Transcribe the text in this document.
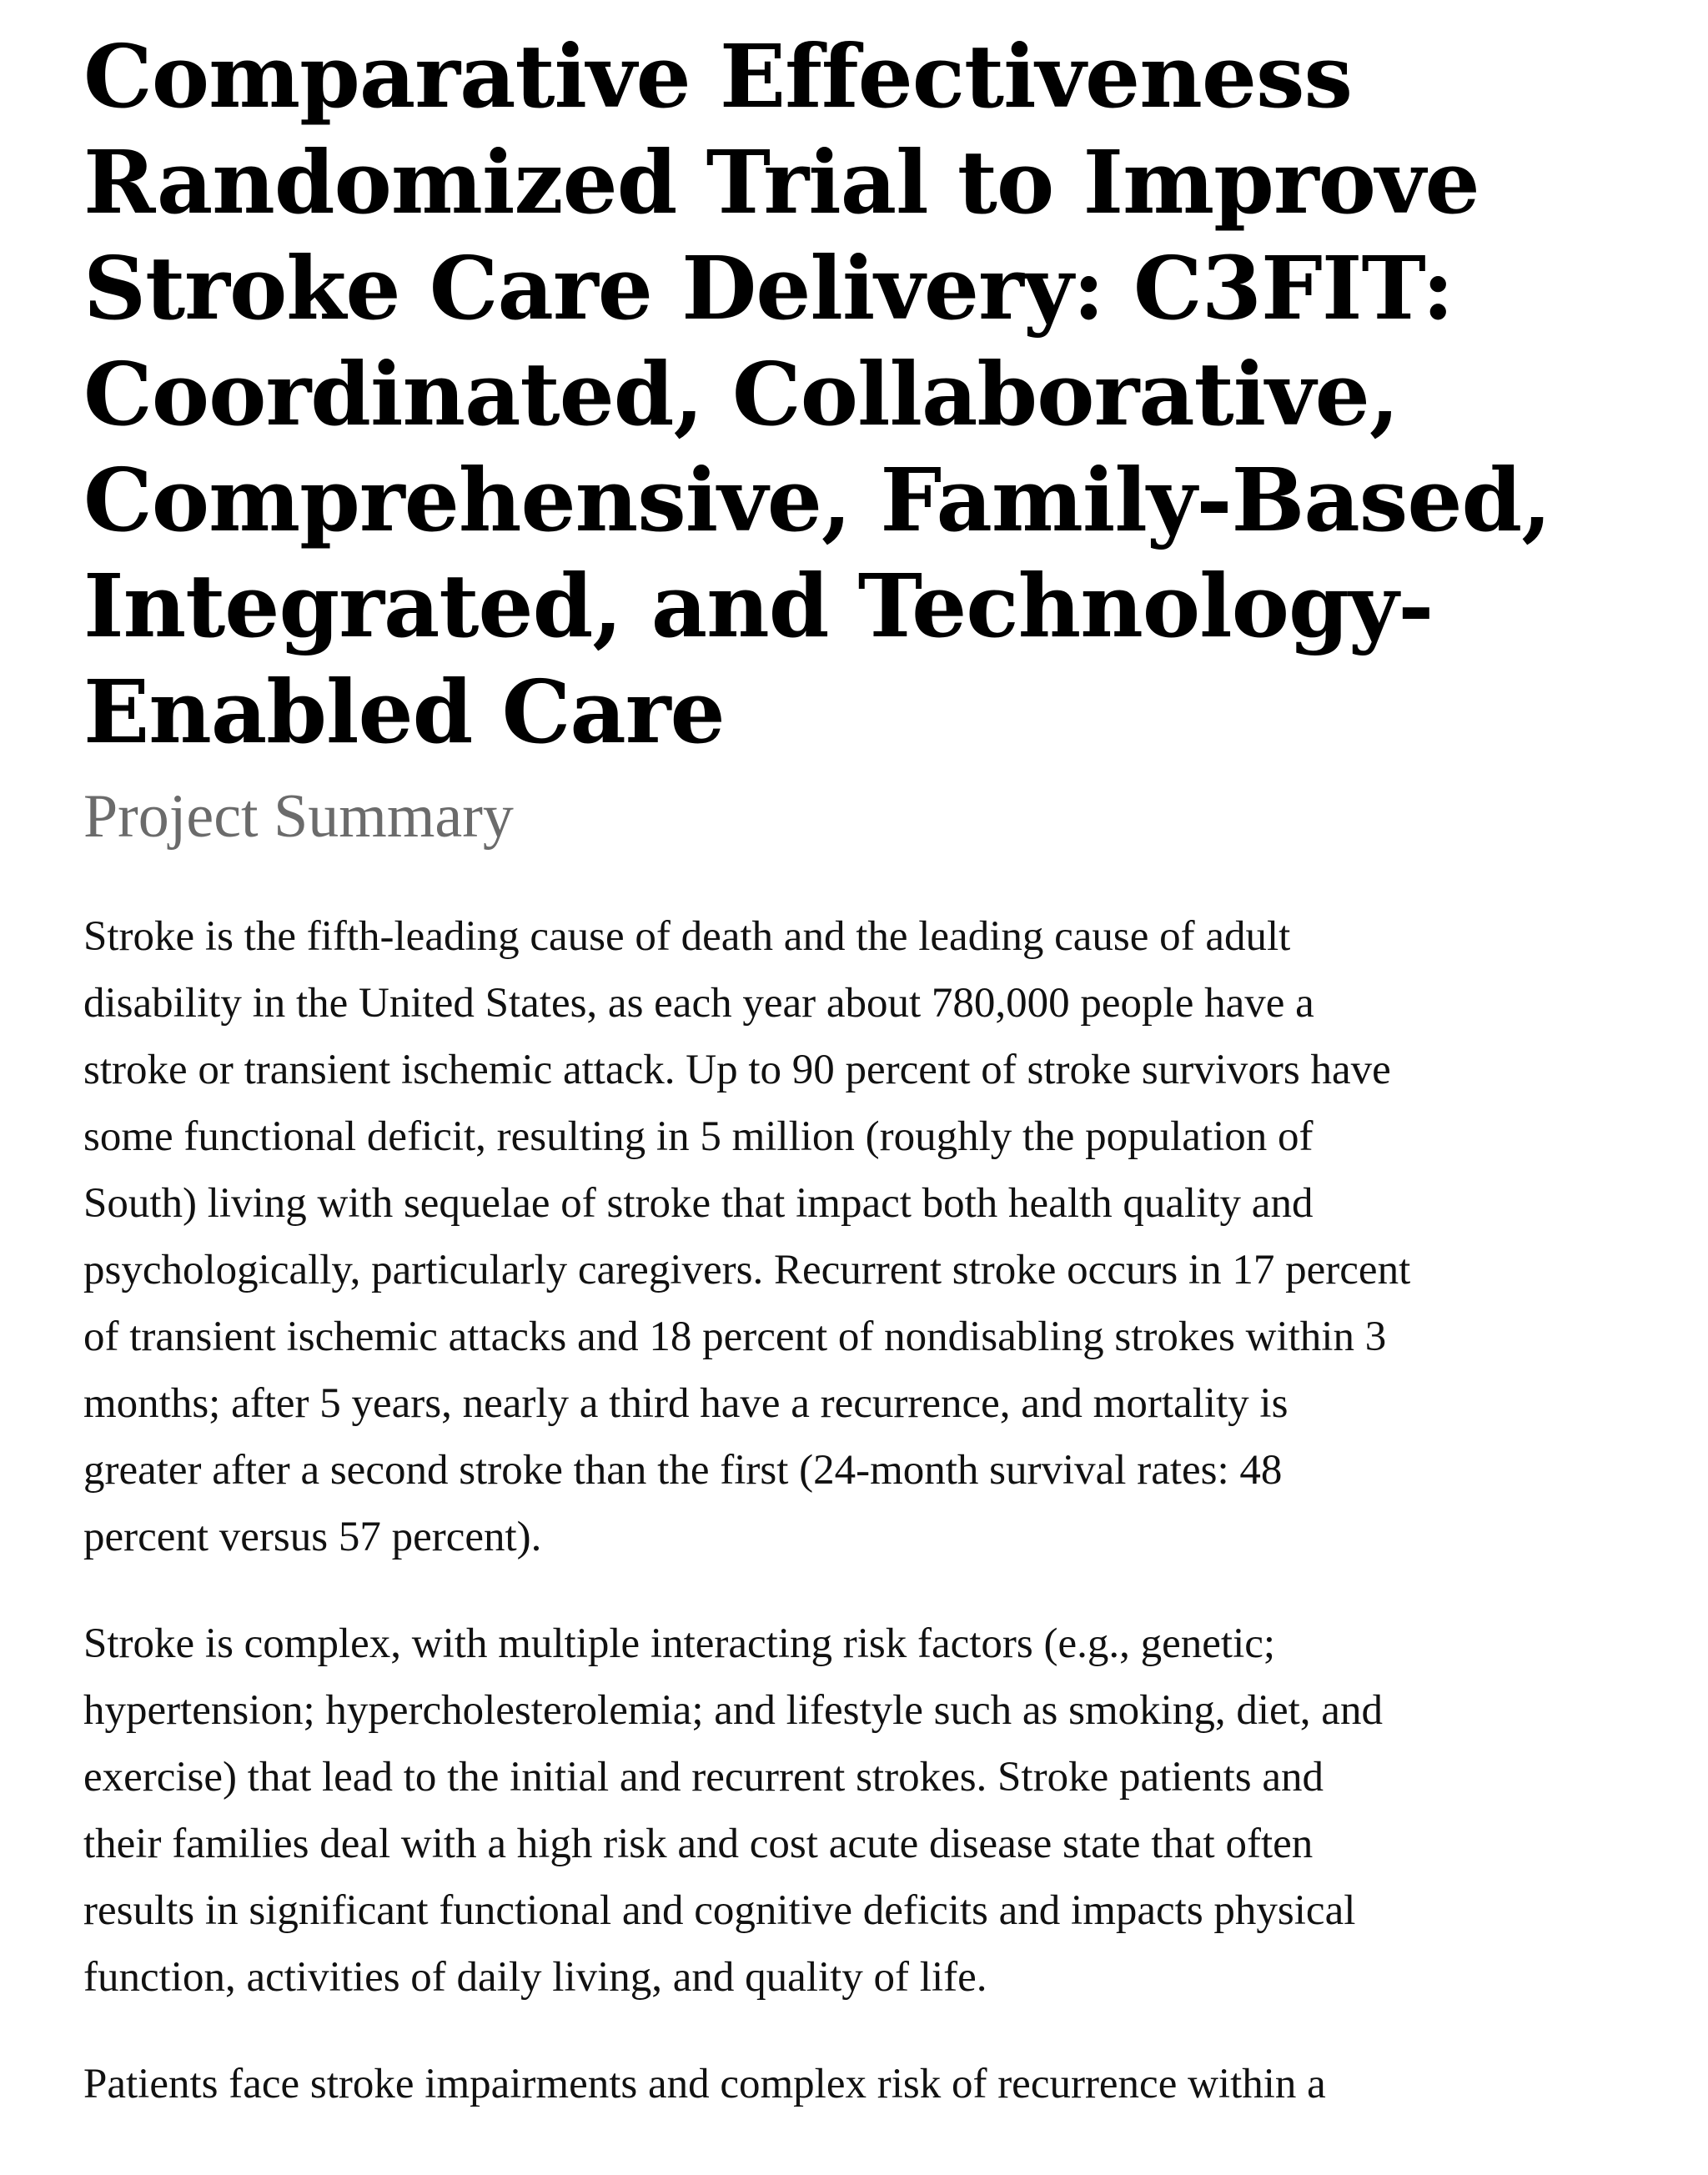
Comparative Effectiveness
Randomized Trial to Improve
Stroke Care Delivery: C3FIT:
Coordinated, Collaborative,
Comprehensive, Family-Based,
Integrated, and Technology-
Enabled Care
Project Summary

Stroke is the fifth-leading cause of death and the leading cause of adult
disability in the United States, as each year about 780,000 people have a
stroke or transient ischemic attack. Up to 90 percent of stroke survivors have
some functional deficit, resulting in 5 million (roughly the population of
South) living with sequelae of stroke that impact both health quality and
psychologically, particularly caregivers. Recurrent stroke occurs in 17 percent
of transient ischemic attacks and 18 percent of nondisabling strokes within 3
months; after 5 years, nearly a third have a recurrence, and mortality is
greater after a second stroke than the first (24-month survival rates: 48
percent versus 57 percent).

Stroke is complex, with multiple interacting risk factors (e.g., genetic;
hypertension; hypercholesterolemia; and lifestyle such as smoking, diet, and
exercise) that lead to the initial and recurrent strokes. Stroke patients and
their families deal with a high risk and cost acute disease state that often
results in significant functional and cognitive deficits and impacts physical
function, activities of daily living, and quality of life.

Patients face stroke impairments and complex risk of recurrence within a
